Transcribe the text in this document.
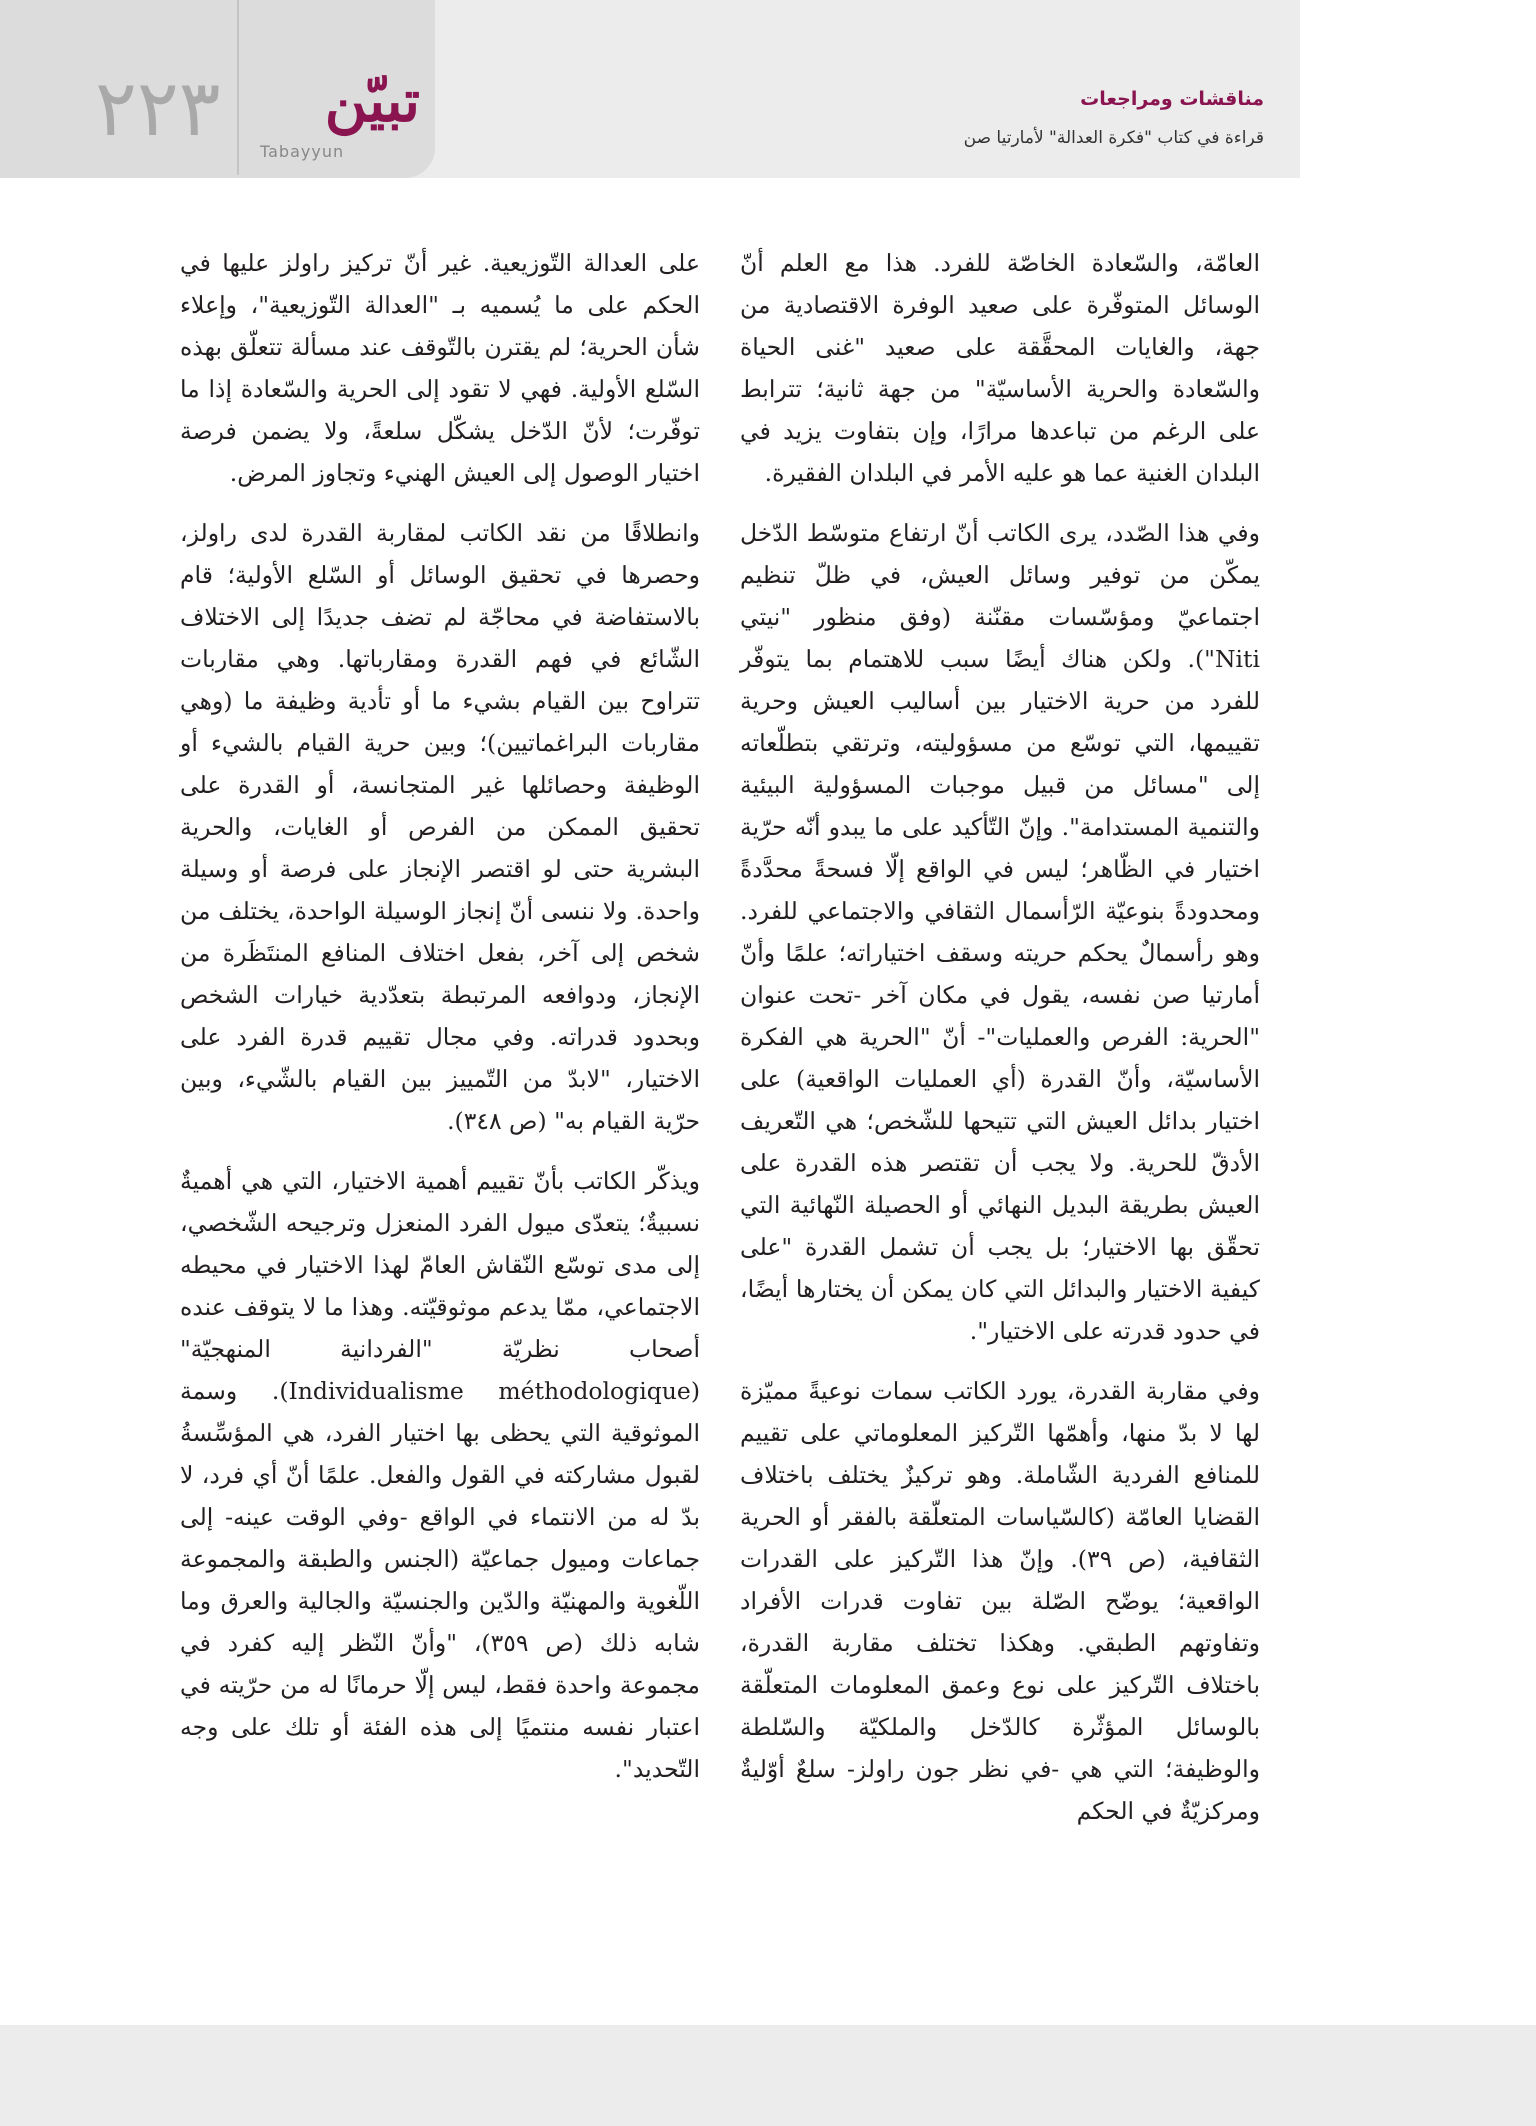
٢٢٣ تبيّن
Tabayyun
مناقشات ومراجعات
قراءة في كتاب "فكرة العدالة" لأمارتيا صن

العامّة، والسّعادة الخاصّة للفرد. هذا مع العلم أنّ الوسائل المتوفّرة على صعيد الوفرة الاقتصادية من جهة، والغايات المحقَّقة على صعيد "غنى الحياة والسّعادة والحرية الأساسيّة" من جهة ثانية؛ تترابط على الرغم من تباعدها مرارًا، وإن بتفاوت يزيد في البلدان الغنية عما هو عليه الأمر في البلدان الفقيرة.

وفي هذا الصّدد، يرى الكاتب أنّ ارتفاع متوسّط الدّخل يمكّن من توفير وسائل العيش، في ظلّ تنظيم اجتماعيّ ومؤسّسات مقنّنة (وفق منظور "نيتي Niti"). ولكن هناك أيضًا سبب للاهتمام بما يتوفّر للفرد من حرية الاختيار بين أساليب العيش وحرية تقييمها، التي توسّع من مسؤوليته، وترتقي بتطلّعاته إلى "مسائل من قبيل موجبات المسؤولية البيئية والتنمية المستدامة". وإنّ التّأكيد على ما يبدو أنّه حرّية اختيار في الظّاهر؛ ليس في الواقع إلّا فسحةً محدَّدةً ومحدودةً بنوعيّة الرّأسمال الثقافي والاجتماعي للفرد. وهو رأسمالٌ يحكم حريته وسقف اختياراته؛ علمًا وأنّ أمارتيا صن نفسه، يقول في مكان آخر -تحت عنوان "الحرية: الفرص والعمليات"- أنّ "الحرية هي الفكرة الأساسيّة، وأنّ القدرة (أي العمليات الواقعية) على اختيار بدائل العيش التي تتيحها للشّخص؛ هي التّعريف الأدقّ للحرية. ولا يجب أن تقتصر هذه القدرة على العيش بطريقة البديل النهائي أو الحصيلة النّهائية التي تحقّق بها الاختيار؛ بل يجب أن تشمل القدرة "على كيفية الاختيار والبدائل التي كان يمكن أن يختارها أيضًا، في حدود قدرته على الاختيار".

وفي مقاربة القدرة، يورد الكاتب سمات نوعيةً مميّزة لها لا بدّ منها، وأهمّها التّركيز المعلوماتي على تقييم للمنافع الفردية الشّاملة. وهو تركيزٌ يختلف باختلاف القضايا العامّة (كالسّياسات المتعلّقة بالفقر أو الحرية الثقافية، (ص ٣٩). وإنّ هذا التّركيز على القدرات الواقعية؛ يوضّح الصّلة بين تفاوت قدرات الأفراد وتفاوتهم الطبقي. وهكذا تختلف مقاربة القدرة، باختلاف التّركيز على نوع وعمق المعلومات المتعلّقة بالوسائل المؤثّرة كالدّخل والملكيّة والسّلطة والوظيفة؛ التي هي -في نظر جون راولز- سلعٌ أوّليةٌ ومركزيّةٌ في الحكم

على العدالة التّوزيعية. غير أنّ تركيز راولز عليها في الحكم على ما يُسميه بـ "العدالة التّوزيعية"، وإعلاء شأن الحرية؛ لم يقترن بالتّوقف عند مسألة تتعلّق بهذه السّلع الأولية. فهي لا تقود إلى الحرية والسّعادة إذا ما توفّرت؛ لأنّ الدّخل يشكّل سلعةً، ولا يضمن فرصة اختيار الوصول إلى العيش الهنيء وتجاوز المرض.

وانطلاقًا من نقد الكاتب لمقاربة القدرة لدى راولز، وحصرها في تحقيق الوسائل أو السّلع الأولية؛ قام بالاستفاضة في محاجّة لم تضف جديدًا إلى الاختلاف الشّائع في فهم القدرة ومقارباتها. وهي مقاربات تتراوح بين القيام بشيء ما أو تأدية وظيفة ما (وهي مقاربات البراغماتيين)؛ وبين حرية القيام بالشيء أو الوظيفة وحصائلها غير المتجانسة، أو القدرة على تحقيق الممكن من الفرص أو الغايات، والحرية البشرية حتى لو اقتصر الإنجاز على فرصة أو وسيلة واحدة. ولا ننسى أنّ إنجاز الوسيلة الواحدة، يختلف من شخص إلى آخر، بفعل اختلاف المنافع المنتَظَرة من الإنجاز، ودوافعه المرتبطة بتعدّدية خيارات الشخص وبحدود قدراته. وفي مجال تقييم قدرة الفرد على الاختيار، "لابدّ من التّمييز بين القيام بالشّيء، وبين حرّية القيام به" (ص ٣٤٨).

ويذكّر الكاتب بأنّ تقييم أهمية الاختيار، التي هي أهميةٌ نسبيةٌ؛ يتعدّى ميول الفرد المنعزل وترجيحه الشّخصي، إلى مدى توسّع النّقاش العامّ لهذا الاختيار في محيطه الاجتماعي، ممّا يدعم موثوقيّته. وهذا ما لا يتوقف عنده أصحاب نظريّة "الفردانية المنهجيّة" (Individualisme méthodologique). وسمة الموثوقية التي يحظى بها اختيار الفرد، هي المؤسِّسةُ لقبول مشاركته في القول والفعل. علمًا أنّ أي فرد، لا بدّ له من الانتماء في الواقع -وفي الوقت عينه- إلى جماعات وميول جماعيّة (الجنس والطبقة والمجموعة اللّغوية والمهنيّة والدّين والجنسيّة والجالية والعرق وما شابه ذلك (ص ٣٥٩)، "وأنّ النّظر إليه كفرد في مجموعة واحدة فقط، ليس إلّا حرمانًا له من حرّيته في اعتبار نفسه منتميًا إلى هذه الفئة أو تلك على وجه التّحديد".
